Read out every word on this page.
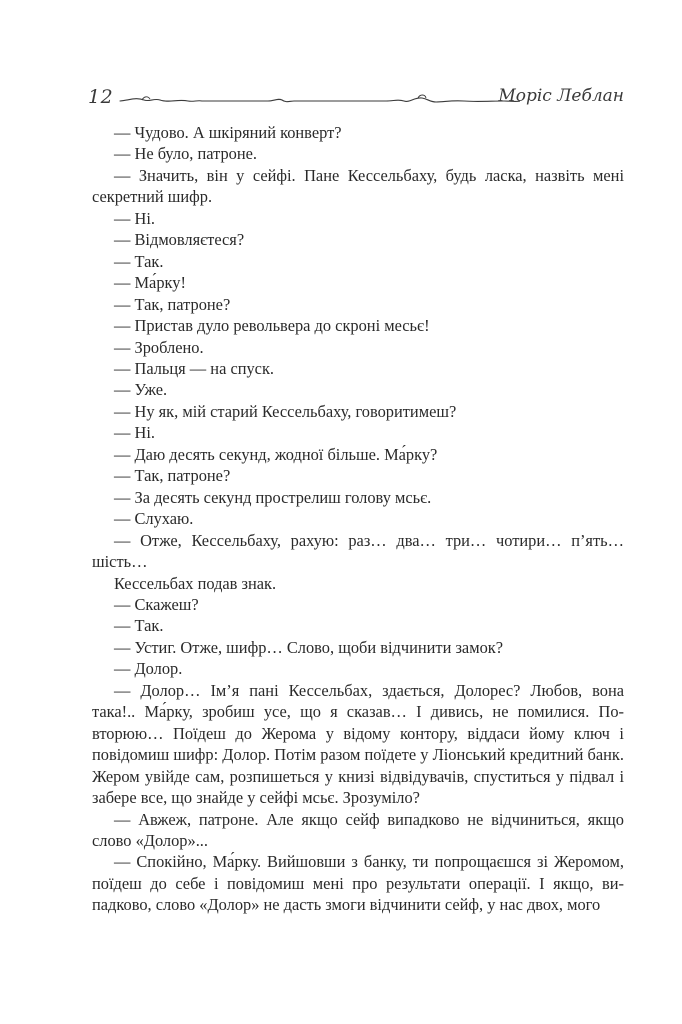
12	Моріс Леблан

— Чудово. А шкіряний конверт?

— Не було, патроне.

— Значить, він у сейфі. Пане Кессельбаху, будь ласка, назвіть мені секретний шифр.

— Ні.

— Відмовляєтеся?

— Так.

— Ма́рку!

— Так, патроне?

— Пристав дуло револьвера до скроні месьє!

— Зроблено.

— Пальця — на спуск.

— Уже.

— Ну як, мій старий Кессельбаху, говоритимеш?

— Ні.

— Даю десять секунд, жодної більше. Ма́рку?

— Так, патроне?

— За десять секунд прострелиш голову мсьє.

— Слухаю.

— Отже, Кессельбаху, рахую: раз… два… три… чотири… п’ять… шість…

Кессельбах подав знак.

— Скажеш?

— Так.

— Устиг. Отже, шифр… Слово, щоби відчинити замок?

— Долор.

— Долор… Ім’я пані Кессельбах, здається, Долорес? Любов, вона така!.. Ма́рку, зробиш усе, що я сказав… І дивись, не помилися. Повторюю… Поїдеш до Жерома у відому контору, віддаси йому ключ і повідомиш шифр: Долор. Потім разом поїдете у Ліонський кредитний банк. Жером увійде сам, розпишеться у книзі відвідувачів, спуститься у підвал і забере все, що знайде у сейфі мсьє. Зрозуміло?

— Авжеж, патроне. Але якщо сейф випадково не відчиниться, якщо слово «Долор»...

— Спокійно, Ма́рку. Вийшовши з банку, ти попрощаєшся зі Жеромом, поїдеш до себе і повідомиш мені про результати операції. І якщо, випадково, слово «Долор» не дасть змоги відчинити сейф, у нас двох, мого
